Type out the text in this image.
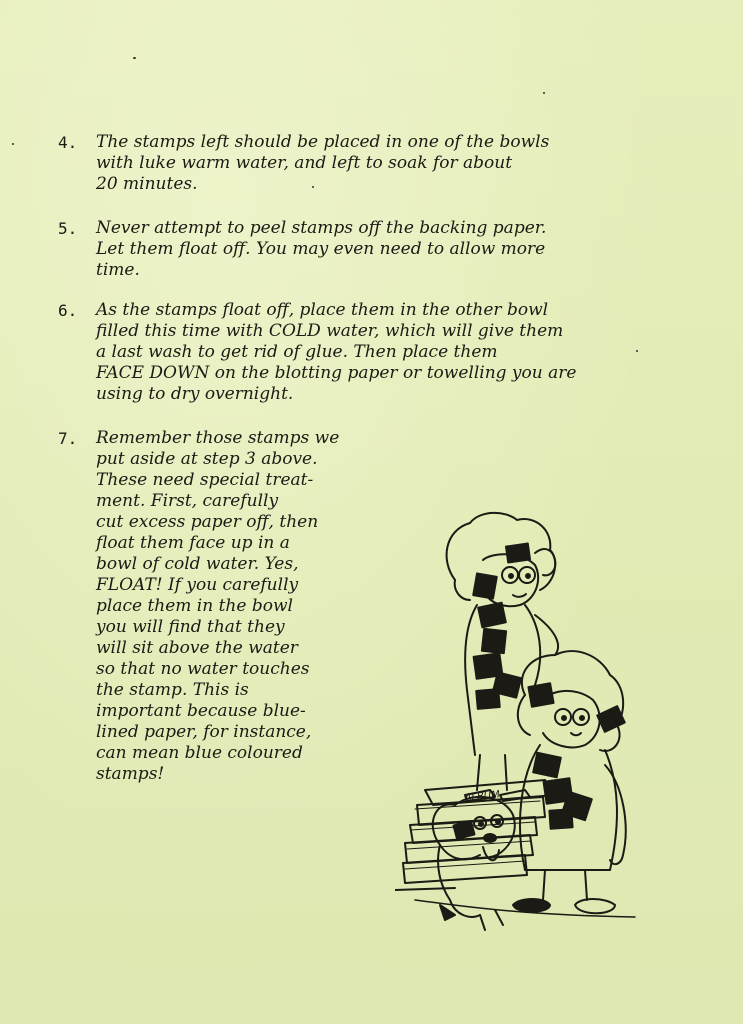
4. The stamps left should be placed in one of the bowls
with luke warm water, and left to soak for about
20 minutes.
5. Never attempt to peel stamps off the backing paper.
Let them float off. You may even need to allow more
time.
6. As the stamps float off, place them in the other bowl
filled this time with COLD water, which will give them
a last wash to get rid of glue. Then place them
FACE DOWN on the blotting paper or towelling you are
using to dry overnight.
7. Remember those stamps we
put aside at step 3 above.
These need special treat-
ment. First, carefully
cut excess paper off, then
float them face up in a
bowl of cold water. Yes,
FLOAT! If you carefully
place them in the bowl
you will find that they
will sit above the water
so that no water touches
the stamp. This is
important because blue-
lined paper, for instance,
can mean blue coloured
stamps!
ALBUM
